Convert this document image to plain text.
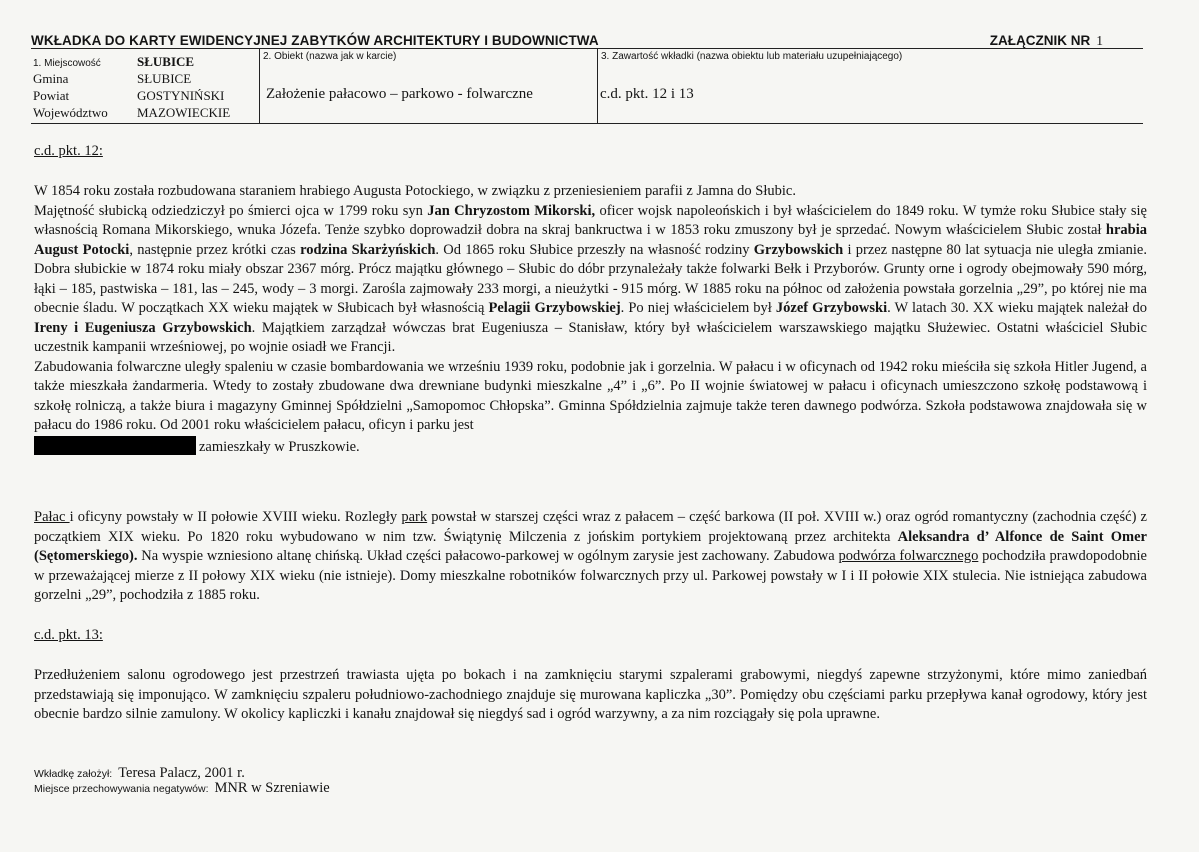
WKŁADKA DO KARTY EWIDENCYJNEJ ZABYTKÓW ARCHITEKTURY I BUDOWNICTWA	ZAŁĄCZNIK NR 1
1. Miejscowość	SŁUBICE
Gmina	SŁUBICE
Powiat	GOSTYNIŃSKI
Województwo MAZOWIECKIE
2. Obiekt (nazwa jak w karcie)
Założenie pałacowo – parkowo - folwarczne
3. Zawartość wkładki (nazwa obiektu lub materiału uzupełniającego)
c.d. pkt. 12 i 13
c.d. pkt. 12:

W 1854 roku została rozbudowana staraniem hrabiego Augusta Potockiego, w związku z przeniesieniem parafii z Jamna do Słubic.

Majętność słubicką odziedziczył po śmierci ojca w 1799 roku syn Jan Chryzostom Mikorski, oficer wojsk napoleońskich i był właścicielem do 1849 roku. W tymże roku Słubice stały się własnością Romana Mikorskiego, wnuka Józefa. Tenże szybko doprowadził dobra na skraj bankructwa i w 1853 roku zmuszony był je sprzedać. Nowym właścicielem Słubic został hrabia August Potocki, następnie przez krótki czas rodzina Skarżyńskich. Od 1865 roku Słubice przeszły na własność rodziny Grzybowskich i przez następne 80 lat sytuacja nie uległa zmianie. Dobra słubickie w 1874 roku miały obszar 2367 mórg. Prócz majątku głównego – Słubic do dóbr przynależały także folwarki Bełk i Przyborów. Grunty orne i ogrody obejmowały 590 mórg, łąki – 185, pastwiska – 181, las – 245, wody – 3 morgi. Zarośla zajmowały 233 morgi, a nieużytki - 915 mórg. W 1885 roku na północ od założenia powstała gorzelnia „29”, po której nie ma obecnie śladu. W początkach XX wieku majątek w Słubicach był własnością Pelagii Grzybowskiej. Po niej właścicielem był Józef Grzybowski. W latach 30. XX wieku majątek należał do Ireny i Eugeniusza Grzybowskich. Majątkiem zarządzał wówczas brat Eugeniusza – Stanisław, który był właścicielem warszawskiego majątku Służewiec. Ostatni właściciel Słubic uczestnik kampanii wrześniowej, po wojnie osiadł we Francji.

Zabudowania folwarczne uległy spaleniu w czasie bombardowania we wrześniu 1939 roku, podobnie jak i gorzelnia. W pałacu i w oficynach od 1942 roku mieściła się szkoła Hitler Jugend, a także mieszkała żandarmeria. Wtedy to zostały zbudowane dwa drewniane budynki mieszkalne „4” i „6”. Po II wojnie światowej w pałacu i oficynach umieszczono szkołę podstawową i szkołę rolniczą, a także biura i magazyny Gminnej Spółdzielni „Samopomoc Chłopska”. Gminna Spółdzielnia zajmuje także teren dawnego podwórza. Szkoła podstawowa znajdowała się w pałacu do 1986 roku. Od 2001 roku właścicielem pałacu, oficyn i parku jest
zamieszkały w Pruszkowie.

Pałac i oficyny powstały w II połowie XVIII wieku. Rozległy park powstał w starszej części wraz z pałacem – część barkowa (II poł. XVIII w.) oraz ogród romantyczny (zachodnia część) z początkiem XIX wieku. Po 1820 roku wybudowano w nim tzw. Świątynię Milczenia z jońskim portykiem projektowaną przez architekta Aleksandra d’ Alfonce de Saint Omer (Sętomerskiego). Na wyspie wzniesiono altanę chińską. Układ części pałacowo-parkowej w ogólnym zarysie jest zachowany. Zabudowa podwórza folwarcznego pochodziła prawdopodobnie w przeważającej mierze z II połowy XIX wieku (nie istnieje). Domy mieszkalne robotników folwarcznych przy ul. Parkowej powstały w I i II połowie XIX stulecia. Nie istniejąca zabudowa gorzelni „29”, pochodziła z 1885 roku.

c.d. pkt. 13:

Przedłużeniem salonu ogrodowego jest przestrzeń trawiasta ujęta po bokach i na zamknięciu starymi szpalerami grabowymi, niegdyś zapewne strzyżonymi, które mimo zaniedbań przedstawiają się imponująco. W zamknięciu szpaleru południowo-zachodniego znajduje się murowana kapliczka „30”. Pomiędzy obu częściami parku przepływa kanał ogrodowy, który jest obecnie bardzo silnie zamulony. W okolicy kapliczki i kanału znajdował się niegdyś sad i ogród warzywny, a za nim rozciągały się pola uprawne.

Wkładkę założył: Teresa Palacz, 2001 r.
Miejsce przechowywania negatywów: MNR w Szreniawie
